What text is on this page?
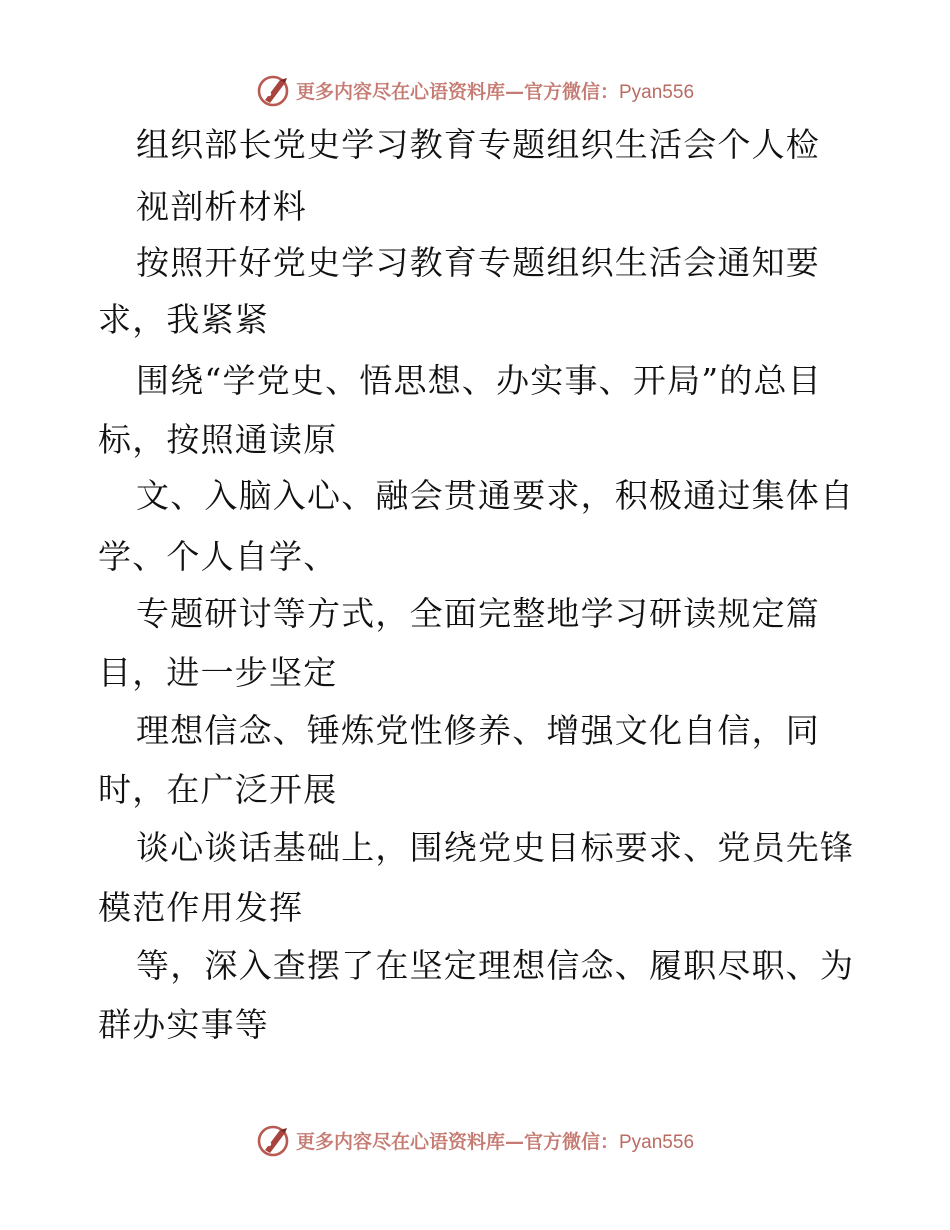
更多内容尽在心语资料库—官方微信：Pyan556
组织部长党史学习教育专题组织生活会个人检
视剖析材料
按照开好党史学习教育专题组织生活会通知要
求，我紧紧
围绕“学党史、悟思想、办实事、开局”的总目
标，按照通读原
文、入脑入心、融会贯通要求，积极通过集体自
学、个人自学、
专题研讨等方式，全面完整地学习研读规定篇
目，进一步坚定
理想信念、锤炼党性修养、增强文化自信，同
时，在广泛开展
谈心谈话基础上，围绕党史目标要求、党员先锋
模范作用发挥
等，深入查摆了在坚定理想信念、履职尽职、为
群办实事等
更多内容尽在心语资料库—官方微信：Pyan556
